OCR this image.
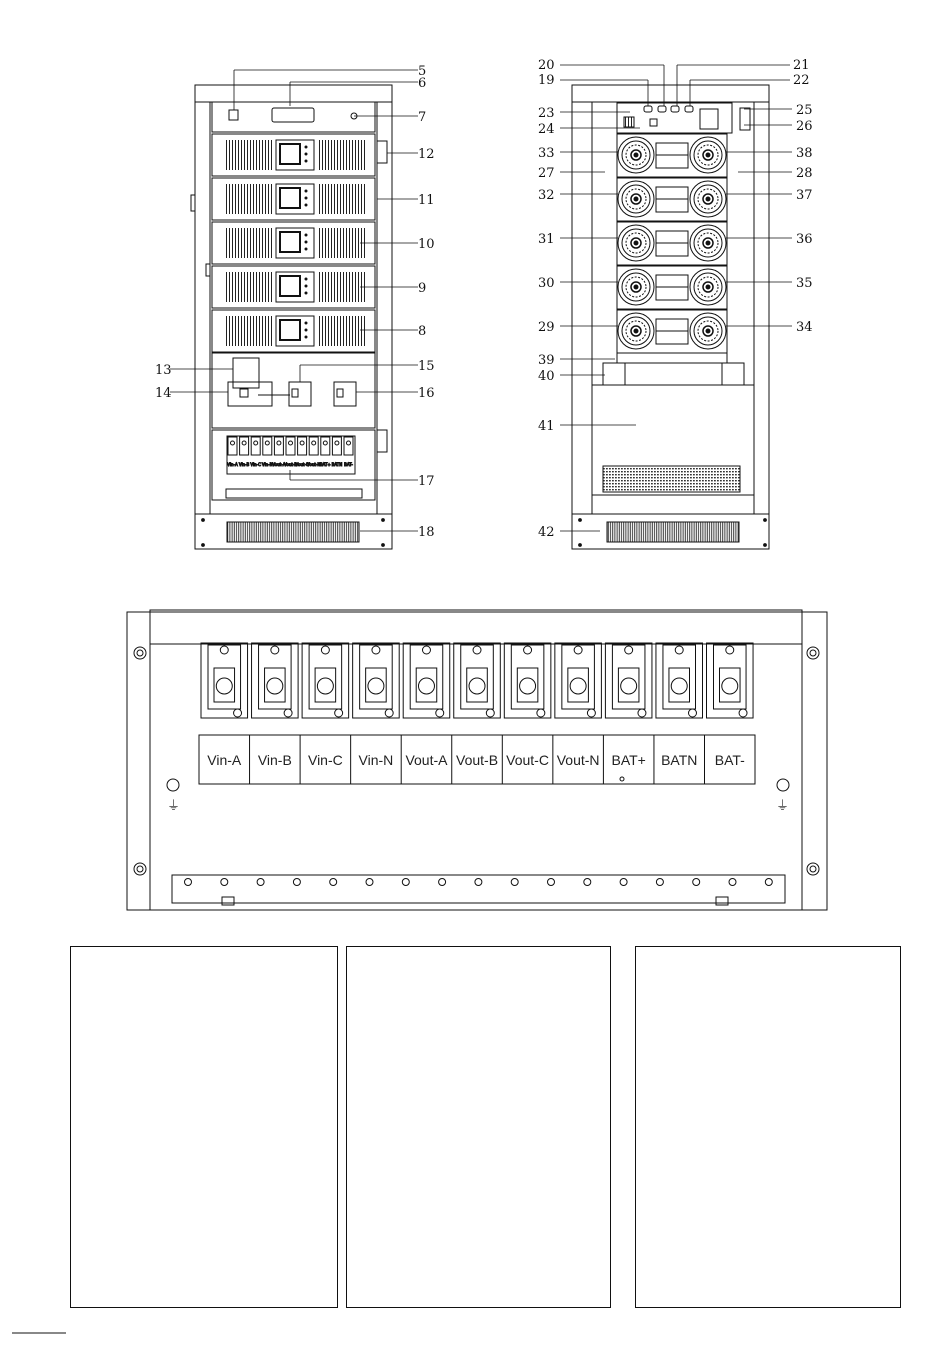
Vin-A Vin-B Vin-C Vin-N Vout-A
Vout-B
Vout-C
Vout-N BAT+ BATN BAT-
5
6
7
12
11
10
9
8
13
14
15
16
17
18
20
19
23
24
33
27
32
31
30
29
39
40
41
42
21
22
25
26
38
28
37
36
35
34
Vin-A Vin-B Vin-C Vin-N Vout-A Vout-B Vout-C Vout-N BAT+ BATN BAT-
⏚	⏚
